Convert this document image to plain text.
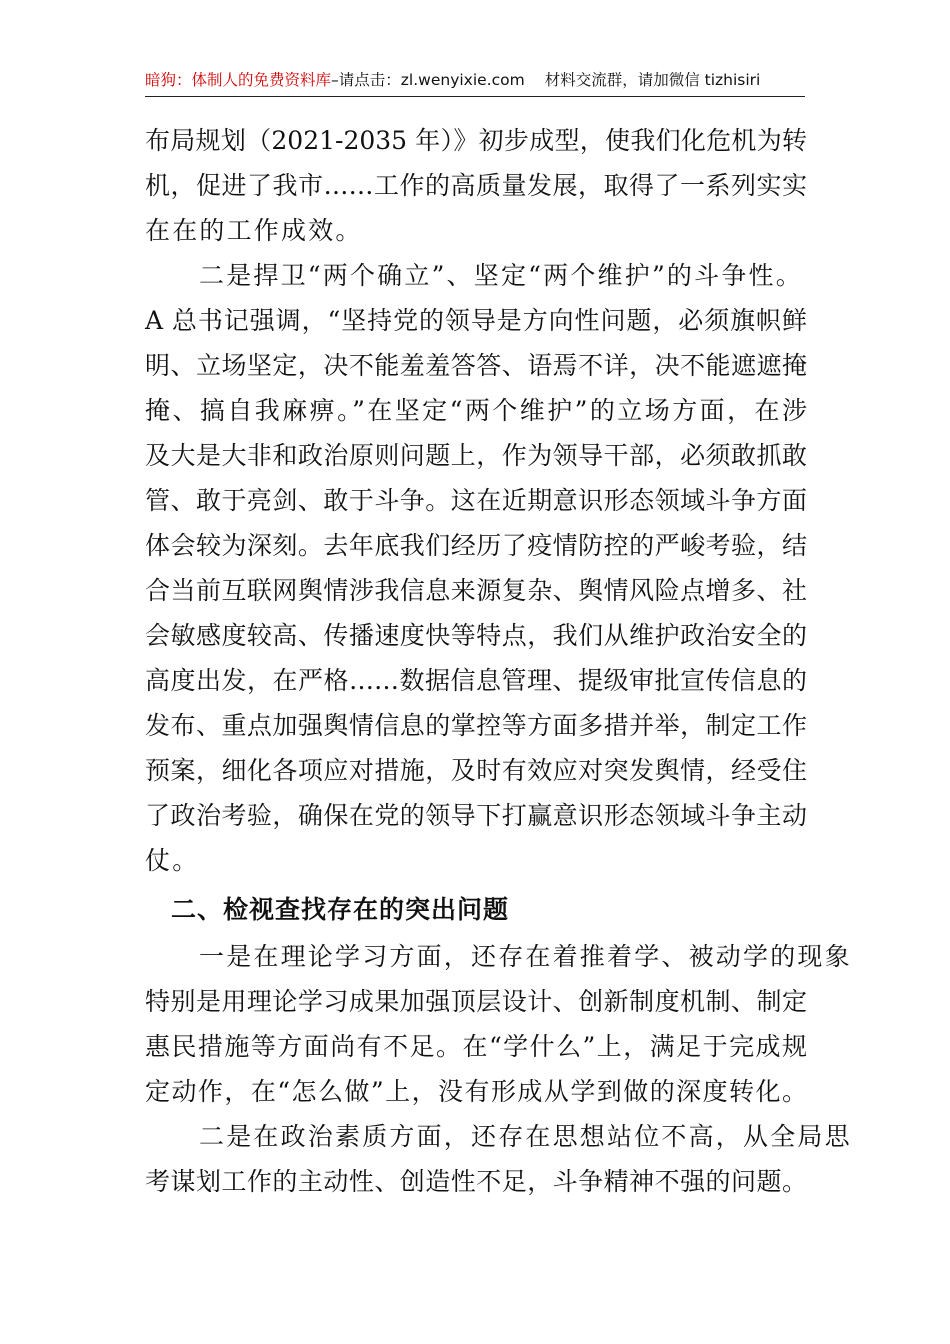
暗狗：体制人的免费资料库–请点击：zl.wenyixie.com 材料交流群，请加微信 tizhisiri
布局规划（2021-2035 年）》初步成型，使我们化危机为转
机，促进了我市……工作的高质量发展，取得了一系列实实
在在的工作成效。
二是捍卫“两个确立”、坚定“两个维护”的斗争性。
A 总书记强调，“坚持党的领导是方向性问题，必须旗帜鲜
明、立场坚定，决不能羞羞答答、语焉不详，决不能遮遮掩
掩、搞自我麻痹。”在坚定“两个维护”的立场方面，在涉
及大是大非和政治原则问题上，作为领导干部，必须敢抓敢
管、敢于亮剑、敢于斗争。这在近期意识形态领域斗争方面
体会较为深刻。去年底我们经历了疫情防控的严峻考验，结
合当前互联网舆情涉我信息来源复杂、舆情风险点增多、社
会敏感度较高、传播速度快等特点，我们从维护政治安全的
高度出发，在严格……数据信息管理、提级审批宣传信息的
发布、重点加强舆情信息的掌控等方面多措并举，制定工作
预案，细化各项应对措施，及时有效应对突发舆情，经受住
了政治考验，确保在党的领导下打赢意识形态领域斗争主动
仗。
二、检视查找存在的突出问题
一是在理论学习方面，还存在着推着学、被动学的现象
特别是用理论学习成果加强顶层设计、创新制度机制、制定
惠民措施等方面尚有不足。在“学什么”上，满足于完成规
定动作，在“怎么做”上，没有形成从学到做的深度转化。
二是在政治素质方面，还存在思想站位不高，从全局思
考谋划工作的主动性、创造性不足，斗争精神不强的问题。
